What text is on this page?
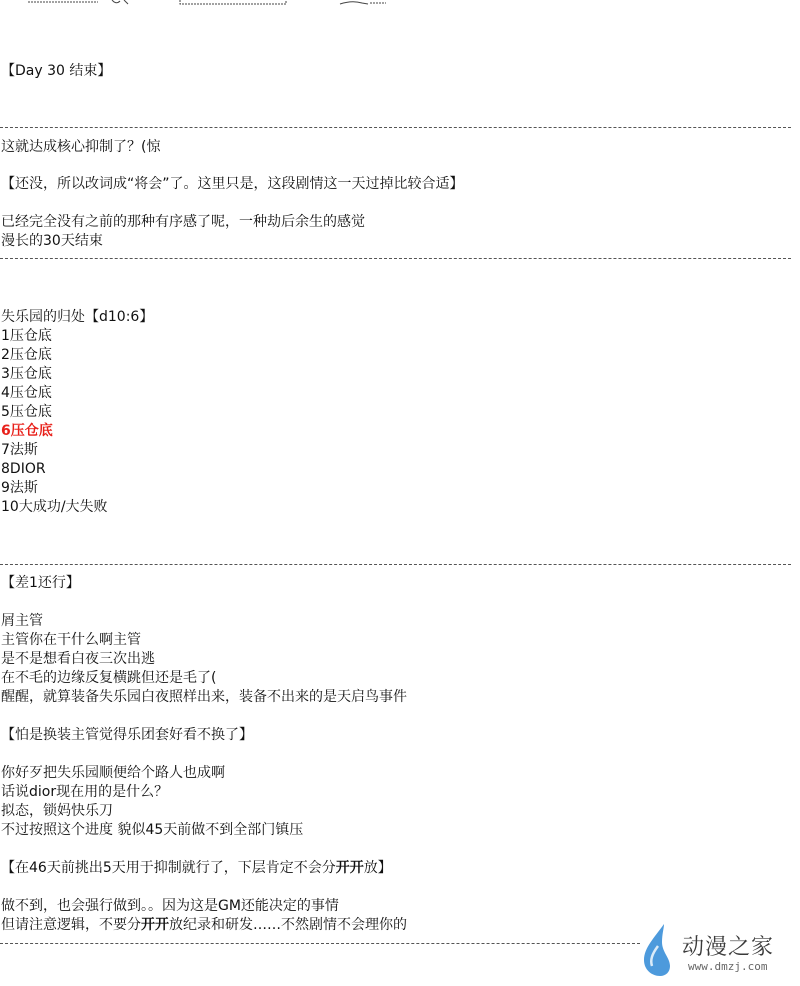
【Day 30 结束】
这就达成核心抑制了？(惊
【还没，所以改词成“将会”了。这里只是，这段剧情这一天过掉比较合适】
已经完全没有之前的那种有序感了呢，一种劫后余生的感觉
漫长的30天结束
失乐园的归处【d10:6】
1压仓底
2压仓底
3压仓底
4压仓底
5压仓底
6压仓底
7法斯
8DIOR
9法斯
10大成功/大失败
【差1还行】
屑主管
主管你在干什么啊主管
是不是想看白夜三次出逃
在不毛的边缘反复横跳但还是毛了(
醒醒，就算装备失乐园白夜照样出来，装备不出来的是天启鸟事件
【怕是换装主管觉得乐团套好看不换了】
你好歹把失乐园顺便给个路人也成啊
话说dior现在用的是什么？
拟态，锁妈快乐刀
不过按照这个进度 貌似45天前做不到全部门镇压
【在46天前挑出5天用于抑制就行了，下层肯定不会分开开放】
做不到，也会强行做到。。因为这是GM还能决定的事情
但请注意逻辑，不要分开开放纪录和研发……不然剧情不会理你的
动漫之家
www.dmzj.com
